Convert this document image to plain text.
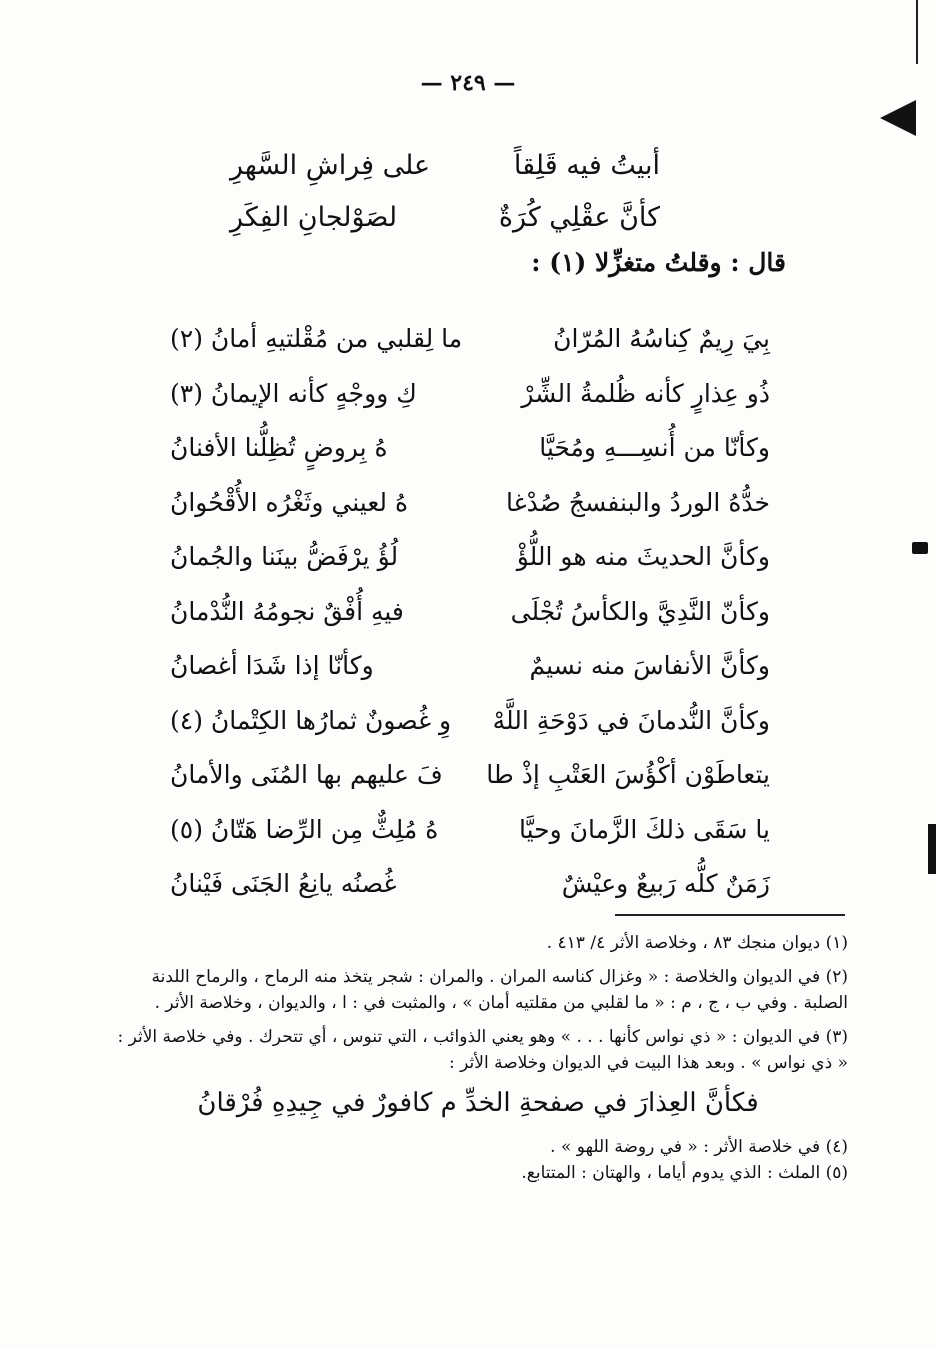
— ٢٤٩ —
أبيتُ فيه قَلِقاً
على فِراشِ السَّهرِ
كأنَّ عقْلِي كُرَةٌ
لصَوْلجانِ الفِكَرِ
قال : وقلتُ متغزِّلا (١) :
بِيَ رِيمٌ كِناسُهُ المُرّانُ
ما لِقلبي من مُقْلتيهِ أمانُ (٢)
ذُو عِذارٍ كأنه ظُلمةُ الشِّرْ
كِ ووجْهٍ كأنه الإيمانُ (٣)
وكأنّا من أُنسِـــهِ ومُحَيَّا
هُ بِروضٍ تُظِلُّنا الأفنانُ
خدُّهُ الوردُ والبنفسجُ صُدْغا
هُ لعيني وثَغْرُه الأُقْحُوانُ
وكأنَّ الحديثَ منه هو اللُّؤْ
لُؤُ يرْفَضُّ بينَنا والجُمانُ
وكأنّ النَّدِيَّ والكأسُ تُجْلَى
فيهِ أُفْقٌ نجومُهُ النُّدْمانُ
وكأنَّ الأنفاسَ منه نسيمٌ
وكأنّا إذا شَدَا أغصانُ
وكأنَّ النُّدمانَ في دَوْحَةِ اللَّهْ
وِ غُصونٌ ثمارُها الكِتْمانُ (٤)
يتعاطَوْن أكْؤُسَ العَتْبِ إذْ طا
فَ عليهم بها المُنَى والأمانُ
يا سَقَى ذلكَ الزَّمانَ وحيَّا
هُ مُلِثٌّ مِن الرِّضا هَتّانُ (٥)
زَمَنٌ كلُّه رَبيعٌ وعيْشٌ
غُصنُه يانِعُ الجَنَى فَيْنانُ

(١) ديوان منجك ٨٣ ، وخلاصة الأثر ٤/ ٤١٣ .

(٢) في الديوان والخلاصة : « وغزال كناسه المران . والمران : شجر يتخذ منه الرماح ، والرماح اللدنة الصلبة . وفي ب ، ج ، م : « ما لقلبي من مقلتيه أمان » ، والمثبت في : ا ، والديوان ، وخلاصة الأثر .

(٣) في الديوان : « ذي نواس كأنها . . . » وهو يعني الذوائب ، التي تنوس ، أي تتحرك . وفي خلاصة الأثر : « ذي نواس » . وبعد هذا البيت في الديوان وخلاصة الأثر :

فكأنَّ العِذارَ في صفحةِ الخدِّ م كافورٌ في جِيدِهِ فُرْقانُ

(٤) في خلاصة الأثر : « في روضة اللهو » .

(٥) الملث : الذي يدوم أياما ، والهتان : المتتابع.
